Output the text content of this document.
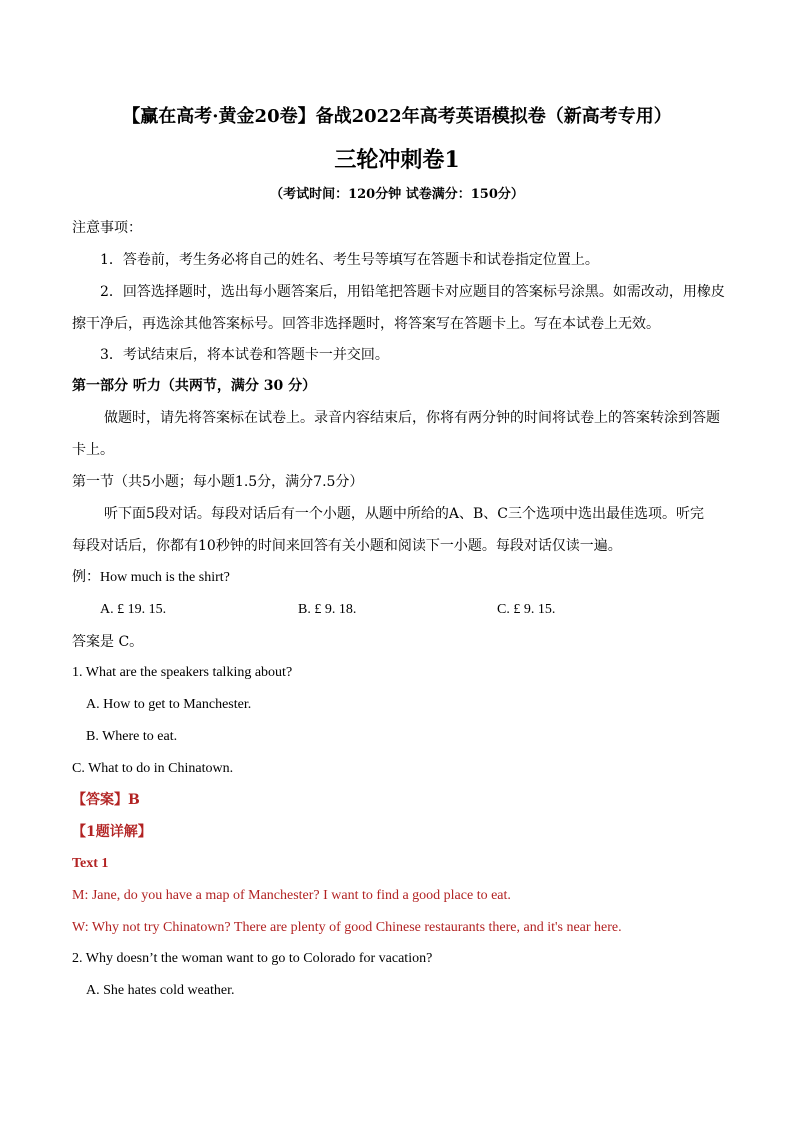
【赢在高考·黄金20卷】备战2022年高考英语模拟卷（新高考专用）
三轮冲刺卷1
（考试时间：120分钟 试卷满分：150分）
注意事项：
1．答卷前，考生务必将自己的姓名、考生号等填写在答题卡和试卷指定位置上。
2．回答选择题时，选出每小题答案后，用铅笔把答题卡对应题目的答案标号涂黑。如需改动，用橡皮
擦干净后，再选涂其他答案标号。回答非选择题时，将答案写在答题卡上。写在本试卷上无效。
3．考试结束后，将本试卷和答题卡一并交回。
第一部分 听力（共两节，满分 30 分）
做题时，请先将答案标在试卷上。录音内容结束后，你将有两分钟的时间将试卷上的答案转涂到答题
卡上。
第一节（共5小题；每小题1.5分，满分7.5分）
听下面5段对话。每段对话后有一个小题，从题中所给的A、B、C三个选项中选出最佳选项。听完
每段对话后，你都有10秒钟的时间来回答有关小题和阅读下一小题。每段对话仅读一遍。
例：How much is the shirt?
A. £ 19. 15.	B. £ 9. 18.	C. £ 9. 15.
答案是 C。
1. What are the speakers talking about?
A. How to get to Manchester.
B. Where to eat.
C. What to do in Chinatown.
【答案】B
【1题详解】
Text 1
M: Jane, do you have a map of Manchester? I want to find a good place to eat.
W: Why not try Chinatown? There are plenty of good Chinese restaurants there, and it's near here.
2. Why doesn’t the woman want to go to Colorado for vacation?
A. She hates cold weather.
